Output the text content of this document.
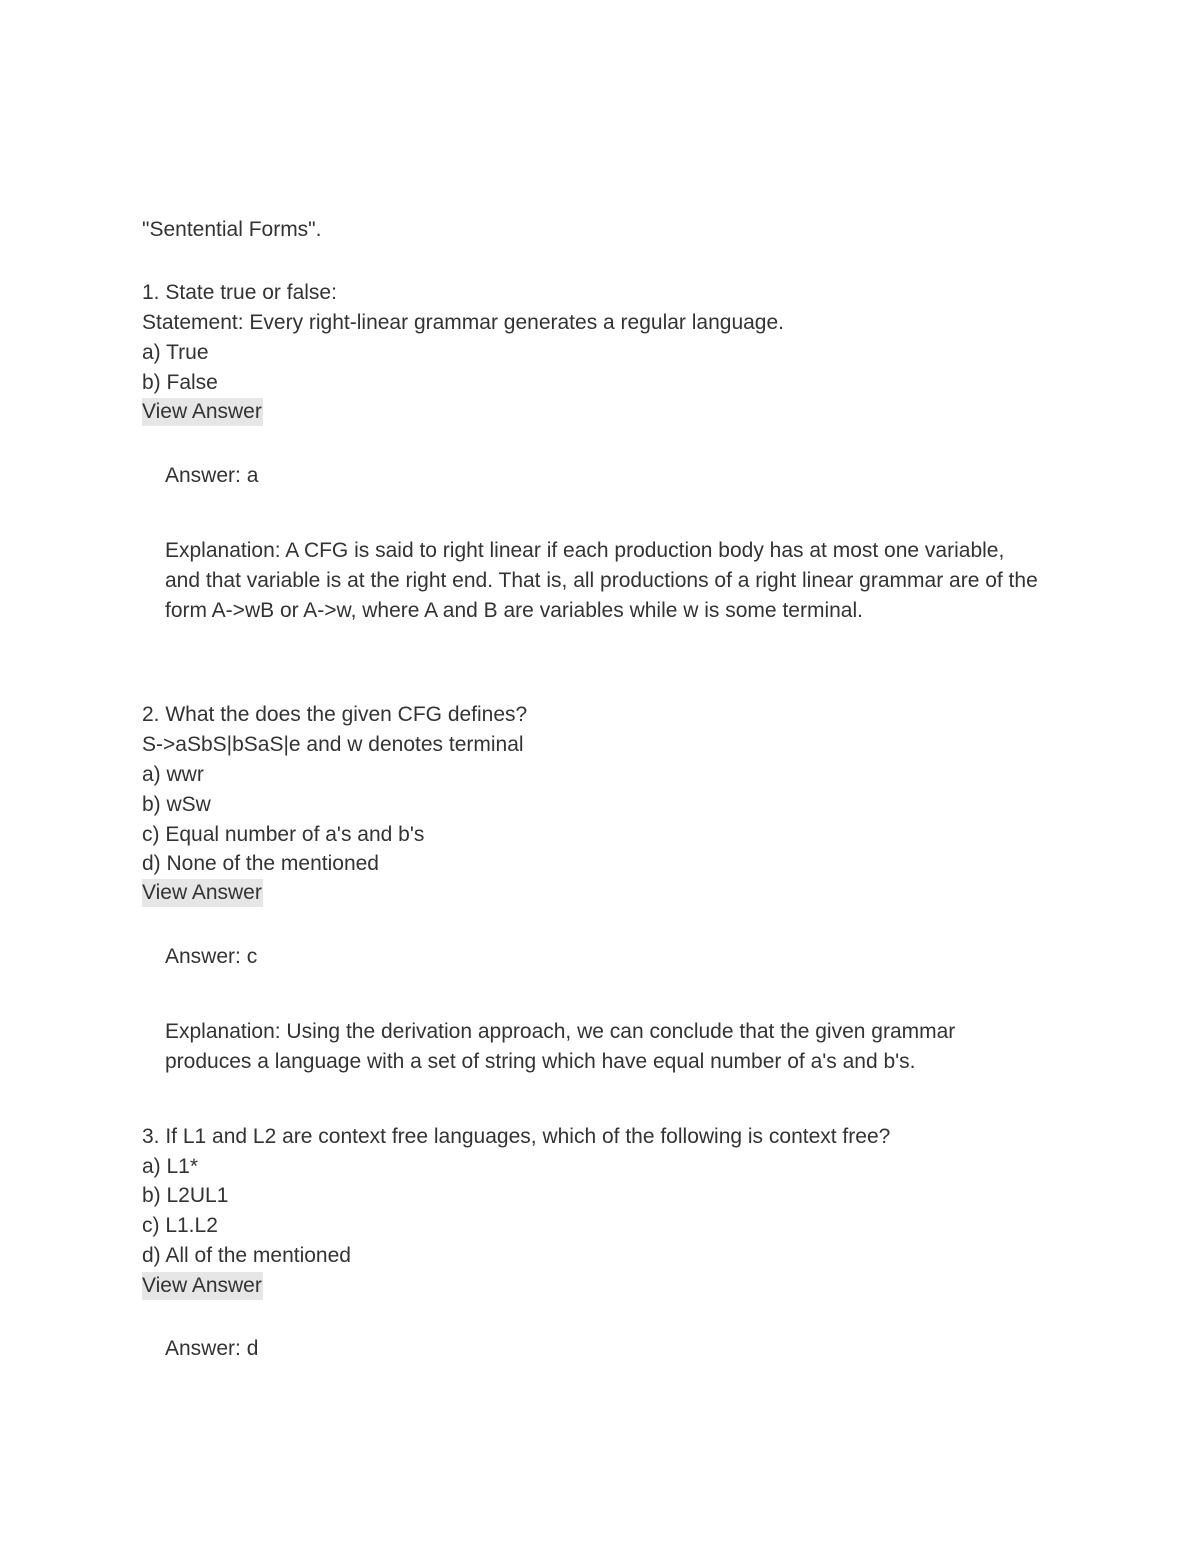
"Sentential Forms".
1. State true or false:
Statement: Every right-linear grammar generates a regular language.
a) True
b) False
View Answer
Answer: a
Explanation: A CFG is said to right linear if each production body has at most one variable, and that variable is at the right end. That is, all productions of a right linear grammar are of the form A->wB or A->w, where A and B are variables while w is some terminal.
2. What the does the given CFG defines?
S->aSbS|bSaS|e and w denotes terminal
a) wwr
b) wSw
c) Equal number of a's and b's
d) None of the mentioned
View Answer
Answer: c
Explanation: Using the derivation approach, we can conclude that the given grammar produces a language with a set of string which have equal number of a's and b's.
3. If L1 and L2 are context free languages, which of the following is context free?
a) L1*
b) L2UL1
c) L1.L2
d) All of the mentioned
View Answer
Answer: d
